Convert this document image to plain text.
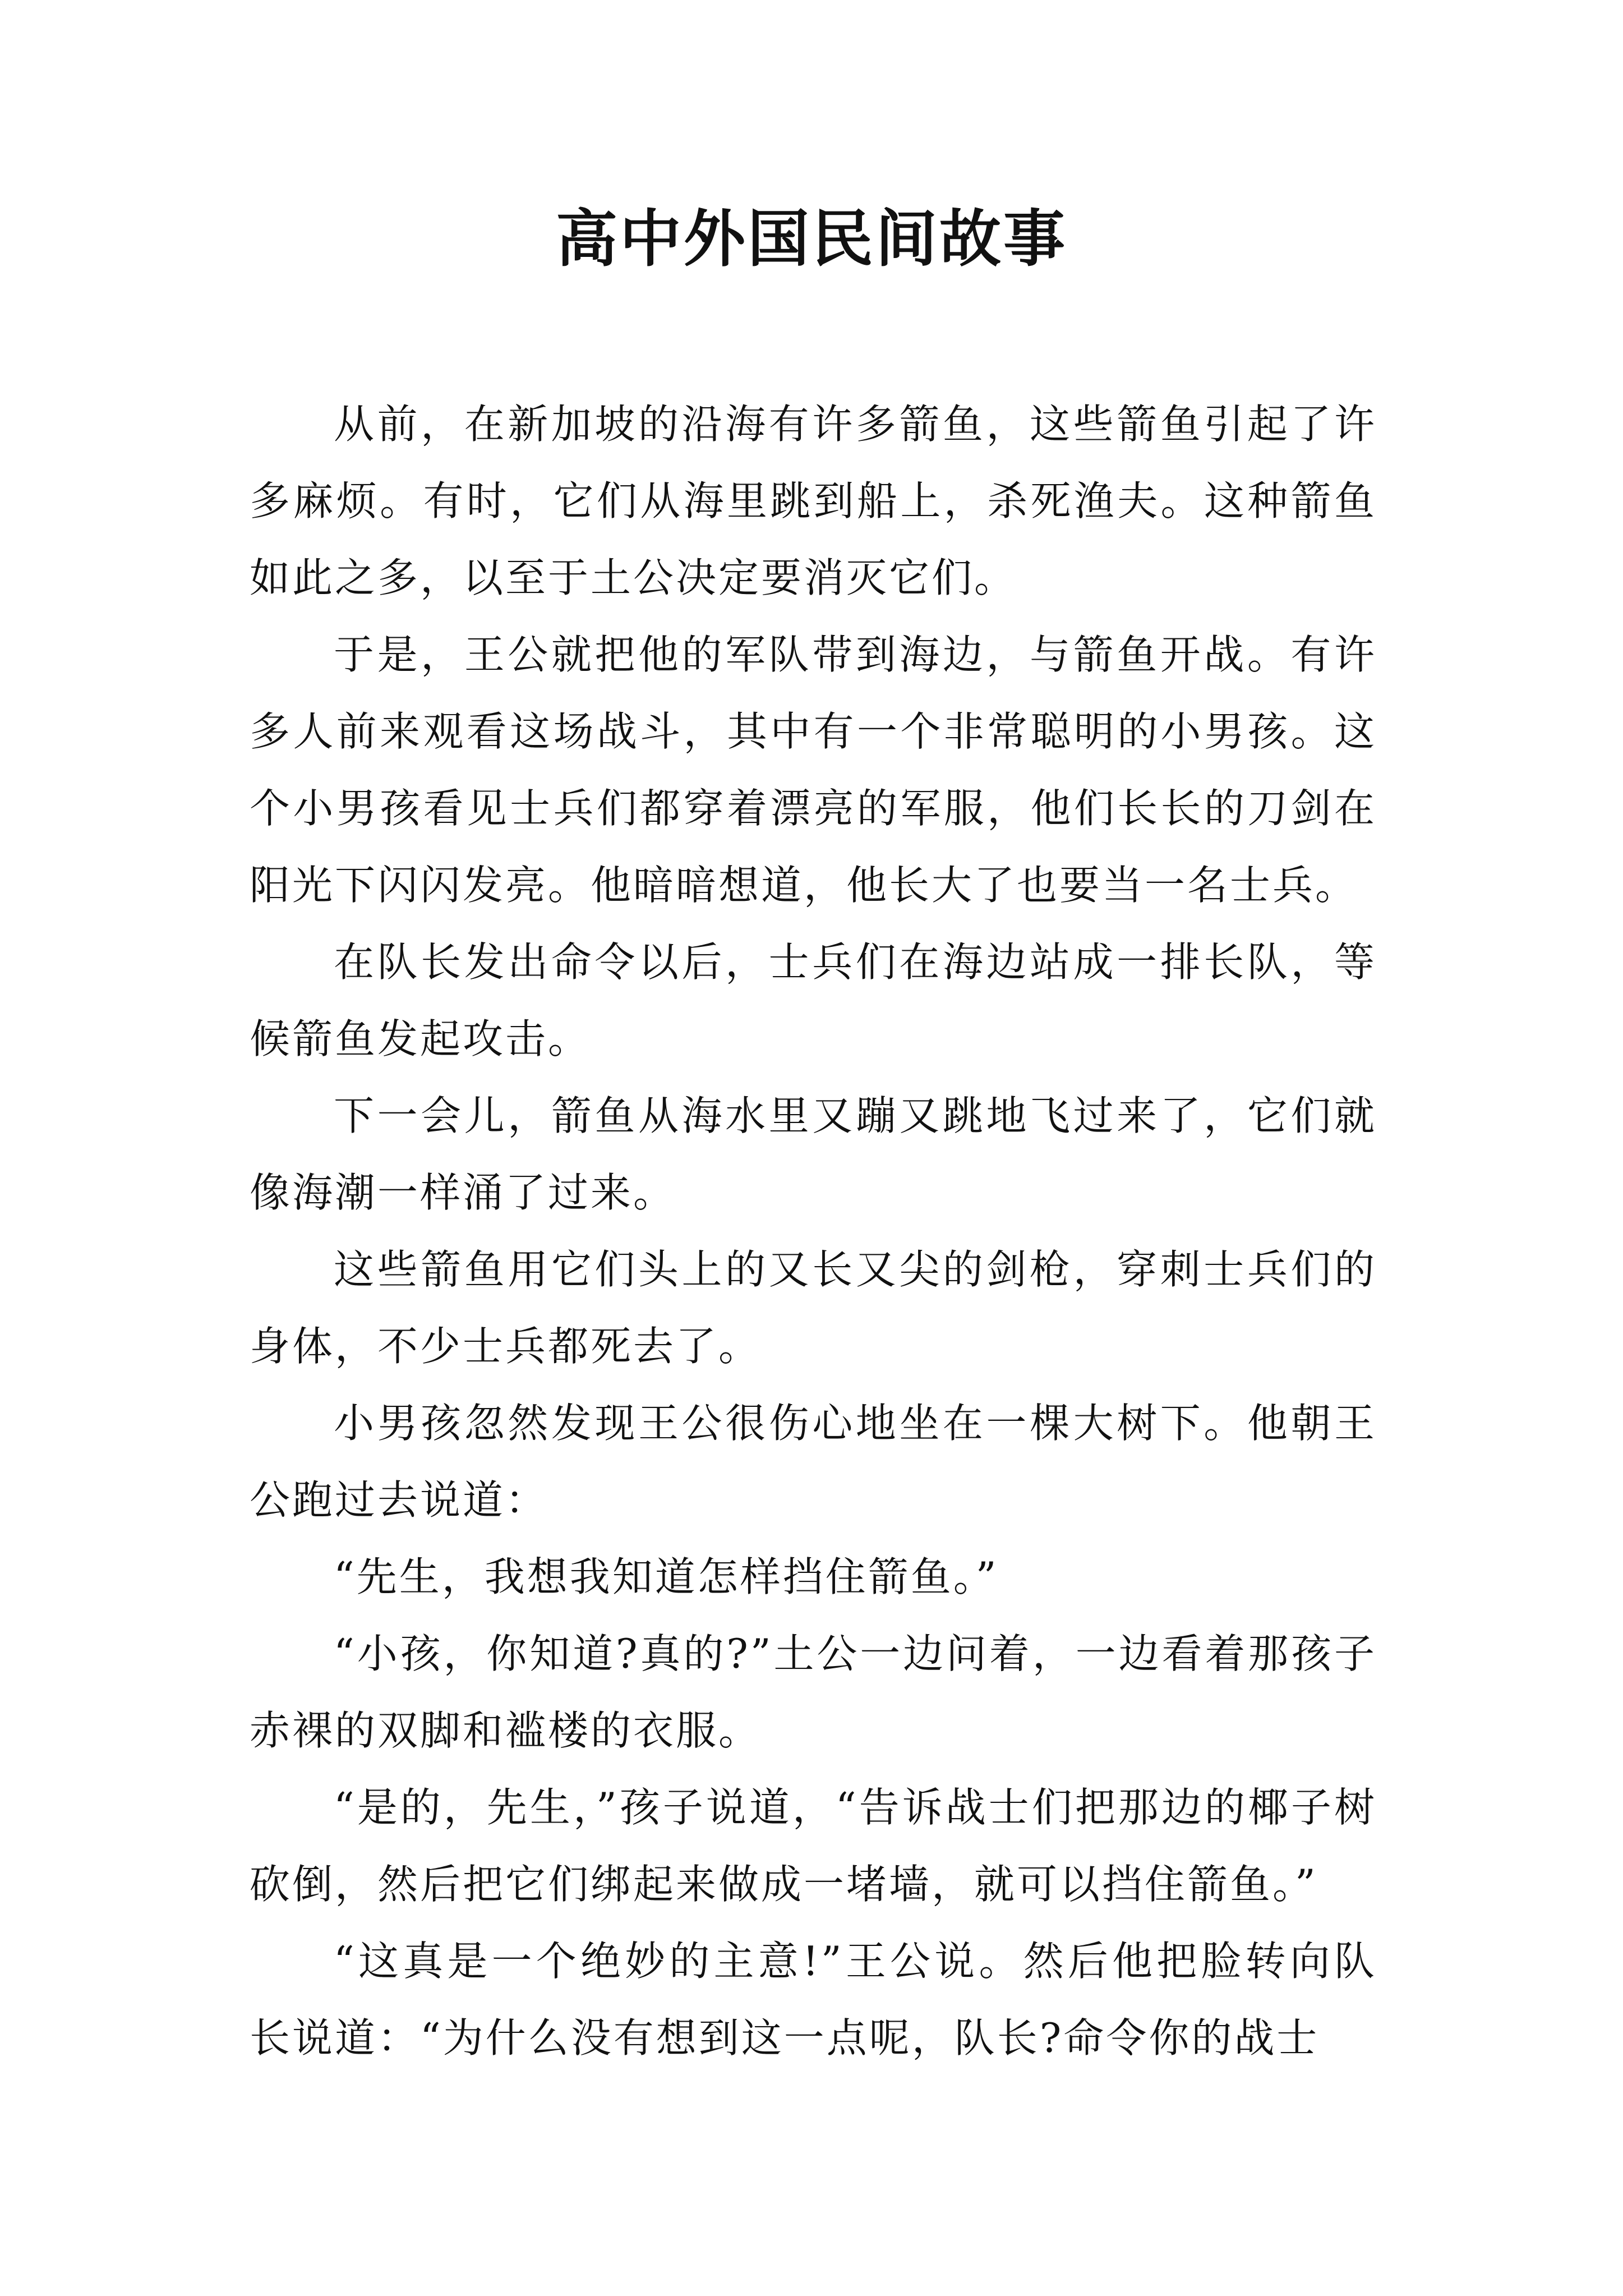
高中外国民间故事

从前，在新加坡的沿海有许多箭鱼，这些箭鱼引起了许多麻烦。有时，它们从海里跳到船上，杀死渔夫。这种箭鱼如此之多，以至于土公决定要消灭它们。

于是，王公就把他的军队带到海边，与箭鱼开战。有许多人前来观看这场战斗，其中有一个非常聪明的小男孩。这个小男孩看见士兵们都穿着漂亮的军服，他们长长的刀剑在阳光下闪闪发亮。他暗暗想道，他长大了也要当一名士兵。

在队长发出命令以后，士兵们在海边站成一排长队，等候箭鱼发起攻击。

下一会儿，箭鱼从海水里又蹦又跳地飞过来了，它们就像海潮一样涌了过来。

这些箭鱼用它们头上的又长又尖的剑枪，穿刺士兵们的身体，不少士兵都死去了。

小男孩忽然发现王公很伤心地坐在一棵大树下。他朝王公跑过去说道：

“先生，我想我知道怎样挡住箭鱼。”

“小孩，你知道?真的?”土公一边问着，一边看着那孩子赤裸的双脚和褴楼的衣服。

“是的，先生，”孩子说道，“告诉战士们把那边的椰子树砍倒，然后把它们绑起来做成一堵墙，就可以挡住箭鱼。”

“这真是一个绝妙的主意!”王公说。然后他把脸转向队长说道：“为什么没有想到这一点呢，队长?命令你的战士
